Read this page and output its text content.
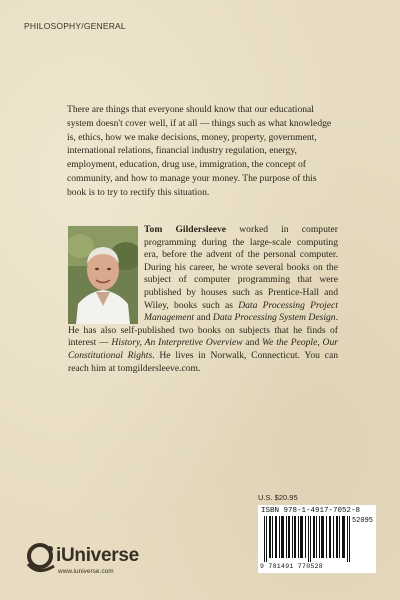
PHILOSOPHY/GENERAL
There are things that everyone should know that our educational system doesn't cover well, if at all — things such as what knowledge is, ethics, how we make decisions, money, property, government, international relations, financial industry regulation, energy, employment, education, drug use, immigration, the concept of community, and how to manage your money. The purpose of this book is to try to rectify this situation.

Tom Gildersleeve worked in computer programming during the large-scale computing era, before the advent of the personal computer. During his career, he wrote several books on the subject of computer programming that were published by houses such as Prentice-Hall and Wiley, books such as Data Processing Project Management and Data Processing System Design. He has also self-published two books on subjects that he finds of interest — History, An Interpretive Overview and We the People, Our Constitutional Rights. He lives in Norwalk, Connecticut. You can reach him at tomgildersleeve.com.

U.S. $20.95
ISBN 978-1-4917-7052-8
52095
9 781491 770528
iUniverse
www.iuniverse.com
